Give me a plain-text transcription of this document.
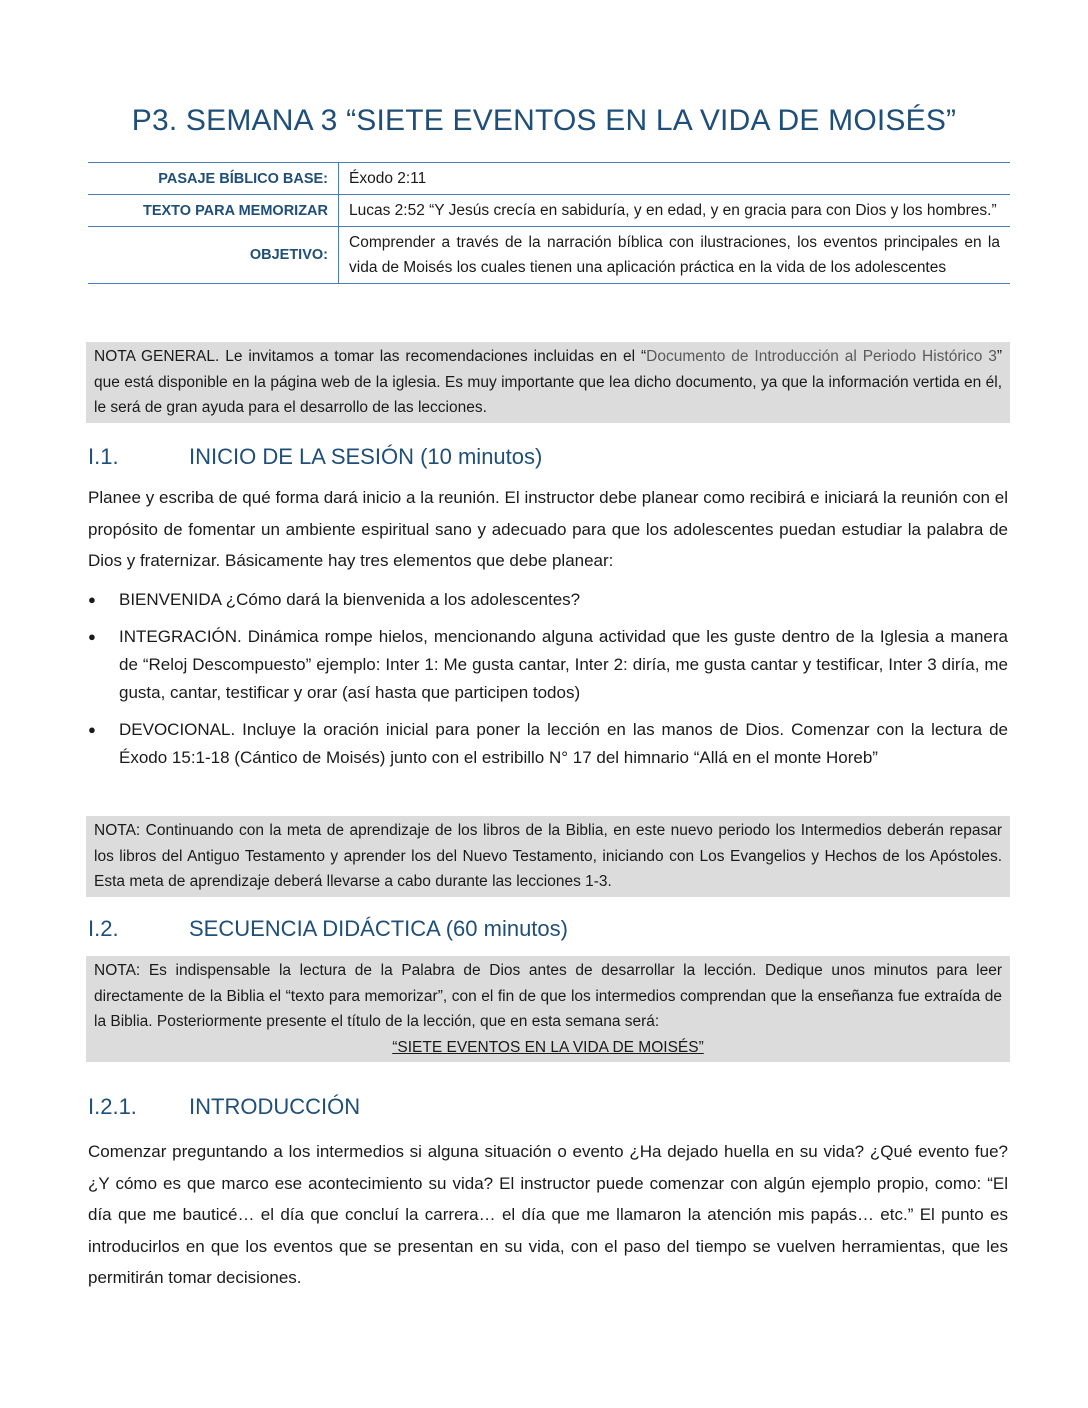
P3. SEMANA 3 “SIETE EVENTOS EN LA VIDA DE MOISÉS”
PASAJE BÍBLICO BASE:	Éxodo 2:11
TEXTO PARA MEMORIZAR	Lucas 2:52 “Y Jesús crecía en sabiduría, y en edad, y en gracia para con Dios y los hombres.”
OBJETIVO:	Comprender a través de la narración bíblica con ilustraciones, los eventos principales en la vida de Moisés los cuales tienen una aplicación práctica en la vida de los adolescentes
NOTA GENERAL. Le invitamos a tomar las recomendaciones incluidas en el “Documento de Introducción al Periodo Histórico 3” que está disponible en la página web de la iglesia. Es muy importante que lea dicho documento, ya que la información vertida en él, le será de gran ayuda para el desarrollo de las lecciones.
I.1.	INICIO DE LA SESIÓN (10 minutos)
Planee y escriba de qué forma dará inicio a la reunión. El instructor debe planear como recibirá e iniciará la reunión con el propósito de fomentar un ambiente espiritual sano y adecuado para que los adolescentes puedan estudiar la palabra de Dios y fraternizar. Básicamente hay tres elementos que debe planear:
● BIENVENIDA ¿Cómo dará la bienvenida a los adolescentes?
● INTEGRACIÓN. Dinámica rompe hielos, mencionando alguna actividad que les guste dentro de la Iglesia a manera de “Reloj Descompuesto” ejemplo: Inter 1: Me gusta cantar, Inter 2: diría, me gusta cantar y testificar, Inter 3 diría, me gusta, cantar, testificar y orar (así hasta que participen todos)
● DEVOCIONAL. Incluye la oración inicial para poner la lección en las manos de Dios. Comenzar con la lectura de Éxodo 15:1-18 (Cántico de Moisés) junto con el estribillo N° 17 del himnario “Allá en el monte Horeb”
NOTA: Continuando con la meta de aprendizaje de los libros de la Biblia, en este nuevo periodo los Intermedios deberán repasar los libros del Antiguo Testamento y aprender los del Nuevo Testamento, iniciando con Los Evangelios y Hechos de los Apóstoles. Esta meta de aprendizaje deberá llevarse a cabo durante las lecciones 1-3.
I.2.	SECUENCIA DIDÁCTICA (60 minutos)
NOTA: Es indispensable la lectura de la Palabra de Dios antes de desarrollar la lección. Dedique unos minutos para leer directamente de la Biblia el “texto para memorizar”, con el fin de que los intermedios comprendan que la enseñanza fue extraída de la Biblia. Posteriormente presente el título de la lección, que en esta semana será:
“SIETE EVENTOS EN LA VIDA DE MOISÉS”
I.2.1. INTRODUCCIÓN
Comenzar preguntando a los intermedios si alguna situación o evento ¿Ha dejado huella en su vida? ¿Qué evento fue? ¿Y cómo es que marco ese acontecimiento su vida? El instructor puede comenzar con algún ejemplo propio, como: “El día que me bauticé… el día que concluí la carrera… el día que me llamaron la atención mis papás… etc.” El punto es introducirlos en que los eventos que se presentan en su vida, con el paso del tiempo se vuelven herramientas, que les permitirán tomar decisiones.
